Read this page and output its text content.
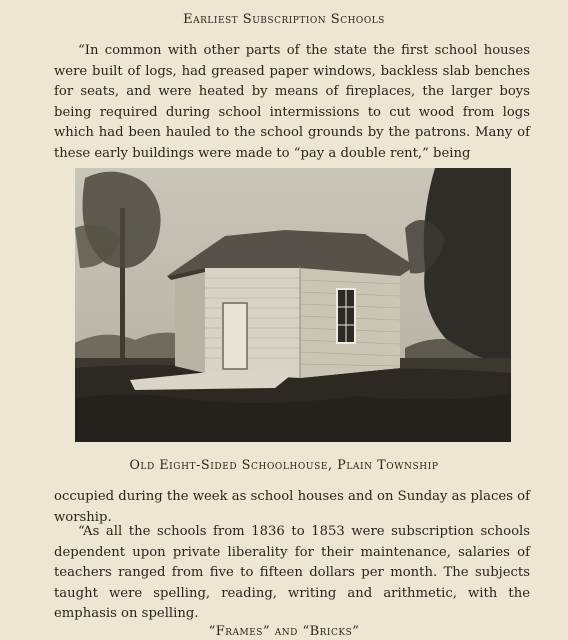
Earliest Subscription Schools
“In common with other parts of the state the first school houses were built of logs, had greased paper windows, backless slab benches for seats, and were heated by means of fireplaces, the larger boys being required during school intermissions to cut wood from logs which had been hauled to the school grounds by the patrons. Many of these early buildings were made to “pay a double rent,” being
Old Eight-Sided Schoolhouse, Plain Township
occupied during the week as school houses and on Sunday as places of worship.
“As all the schools from 1836 to 1853 were subscription schools dependent upon private liberality for their maintenance, salaries of teachers ranged from five to fifteen dollars per month. The subjects taught were spelling, reading, writing and arithmetic, with the emphasis on spelling.
“Frames” and “Bricks”
